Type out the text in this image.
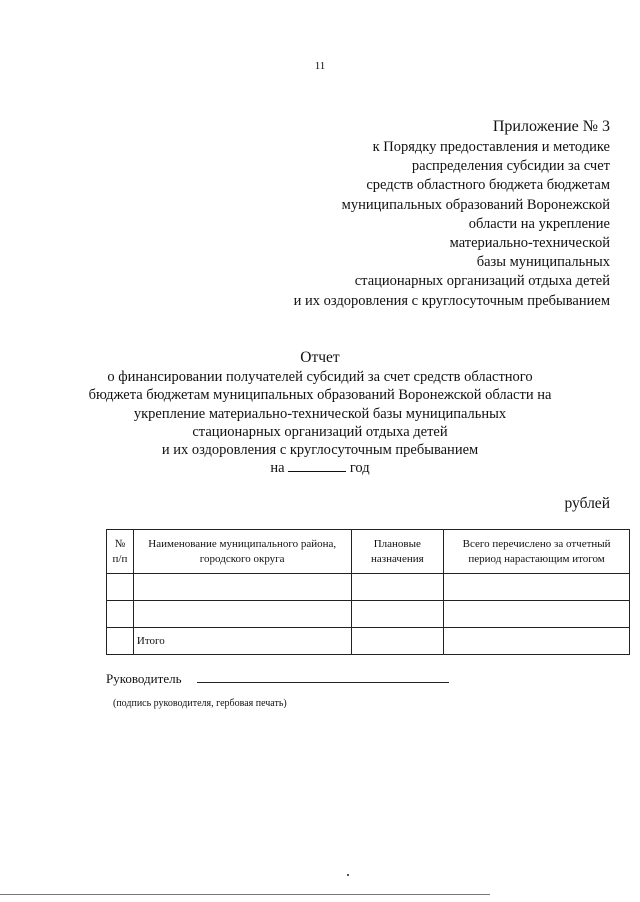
11
Приложение № 3
к Порядку предоставления и методике
распределения субсидии за счет
средств областного бюджета бюджетам
муниципальных образований Воронежской
области на укрепление
материально-технической
базы муниципальных
стационарных организаций отдыха детей
и их оздоровления с круглосуточным пребыванием
Отчет
о финансировании получателей субсидий за счет средств областного
бюджета бюджетам муниципальных образований Воронежской области на
укрепление материально-технической базы муниципальных
стационарных организаций отдыха детей
и их оздоровления с круглосуточным пребыванием
на	год
рублей
№ п/п	Наименование муниципального района, городского округа	Плановые назначения	Всего перечислено за отчетный период нарастающим итогом

	Итого		
Руководитель
(подпись руководителя, гербовая печать)
